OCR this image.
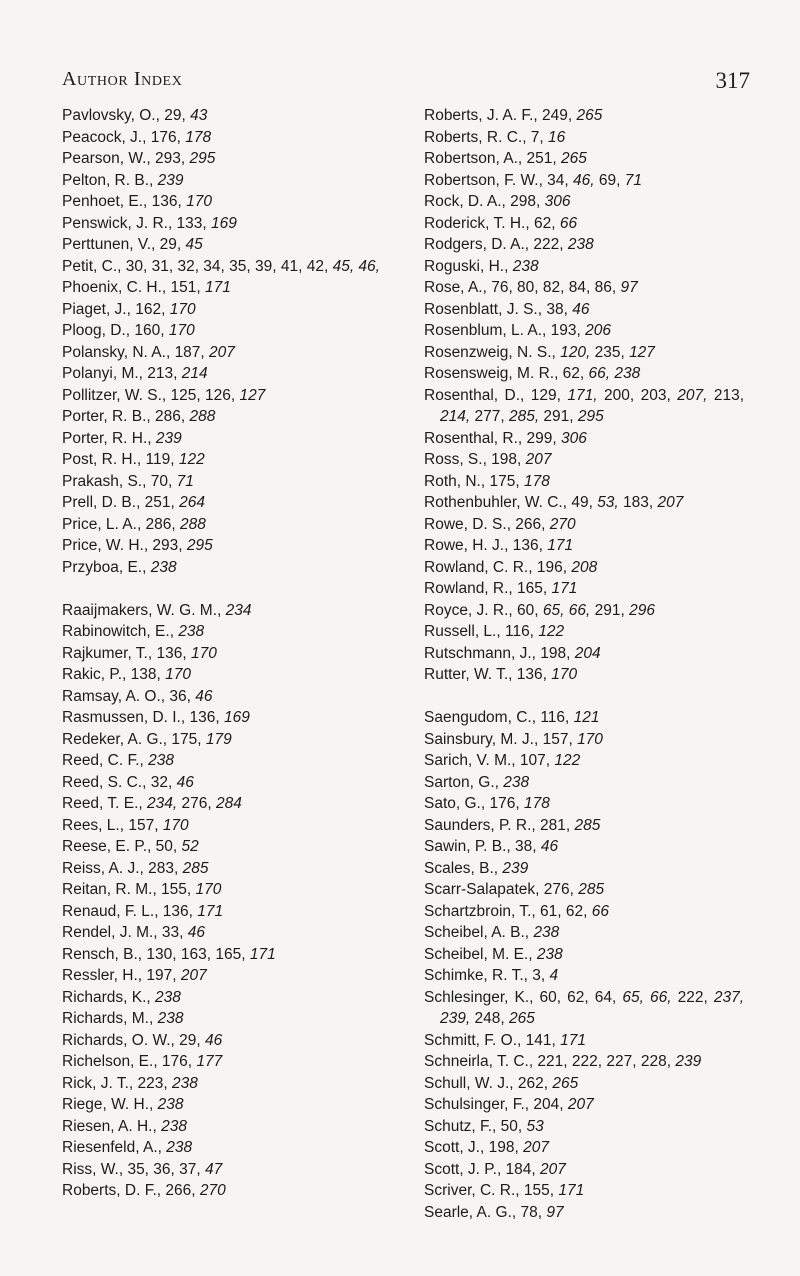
Author Index	317
Pavlovsky, O., 29, 43
Peacock, J., 176, 178
Pearson, W., 293, 295
Pelton, R. B., 239
Penhoet, E., 136, 170
Penswick, J. R., 133, 169
Perttunen, V., 29, 45
Petit, C., 30, 31, 32, 34, 35, 39, 41, 42, 45, 46,
Phoenix, C. H., 151, 171
Piaget, J., 162, 170
Ploog, D., 160, 170
Polansky, N. A., 187, 207
Polanyi, M., 213, 214
Pollitzer, W. S., 125, 126, 127
Porter, R. B., 286, 288
Porter, R. H., 239
Post, R. H., 119, 122
Prakash, S., 70, 71
Prell, D. B., 251, 264
Price, L. A., 286, 288
Price, W. H., 293, 295
Przyboa, E., 238
Raaijmakers, W. G. M., 234
Rabinowitch, E., 238
Rajkumer, T., 136, 170
Rakic, P., 138, 170
Ramsay, A. O., 36, 46
Rasmussen, D. I., 136, 169
Redeker, A. G., 175, 179
Reed, C. F., 238
Reed, S. C., 32, 46
Reed, T. E., 234, 276, 284
Rees, L., 157, 170
Reese, E. P., 50, 52
Reiss, A. J., 283, 285
Reitan, R. M., 155, 170
Renaud, F. L., 136, 171
Rendel, J. M., 33, 46
Rensch, B., 130, 163, 165, 171
Ressler, H., 197, 207
Richards, K., 238
Richards, M., 238
Richards, O. W., 29, 46
Richelson, E., 176, 177
Rick, J. T., 223, 238
Riege, W. H., 238
Riesen, A. H., 238
Riesenfeld, A., 238
Riss, W., 35, 36, 37, 47
Roberts, D. F., 266, 270
Roberts, J. A. F., 249, 265
Roberts, R. C., 7, 16
Robertson, A., 251, 265
Robertson, F. W., 34, 46, 69, 71
Rock, D. A., 298, 306
Roderick, T. H., 62, 66
Rodgers, D. A., 222, 238
Roguski, H., 238
Rose, A., 76, 80, 82, 84, 86, 97
Rosenblatt, J. S., 38, 46
Rosenblum, L. A., 193, 206
Rosenzweig, N. S., 120, 235, 127
Rosensweig, M. R., 62, 66, 238
Rosenthal, D., 129, 171, 200, 203, 207, 213, 214, 277, 285, 291, 295
Rosenthal, R., 299, 306
Ross, S., 198, 207
Roth, N., 175, 178
Rothenbuhler, W. C., 49, 53, 183, 207
Rowe, D. S., 266, 270
Rowe, H. J., 136, 171
Rowland, C. R., 196, 208
Rowland, R., 165, 171
Royce, J. R., 60, 65, 66, 291, 296
Russell, L., 116, 122
Rutschmann, J., 198, 204
Rutter, W. T., 136, 170
Saengudom, C., 116, 121
Sainsbury, M. J., 157, 170
Sarich, V. M., 107, 122
Sarton, G., 238
Sato, G., 176, 178
Saunders, P. R., 281, 285
Sawin, P. B., 38, 46
Scales, B., 239
Scarr-Salapatek, 276, 285
Schartzbroin, T., 61, 62, 66
Scheibel, A. B., 238
Scheibel, M. E., 238
Schimke, R. T., 3, 4
Schlesinger, K., 60, 62, 64, 65, 66, 222, 237, 239, 248, 265
Schmitt, F. O., 141, 171
Schneirla, T. C., 221, 222, 227, 228, 239
Schull, W. J., 262, 265
Schulsinger, F., 204, 207
Schutz, F., 50, 53
Scott, J., 198, 207
Scott, J. P., 184, 207
Scriver, C. R., 155, 171
Searle, A. G., 78, 97
